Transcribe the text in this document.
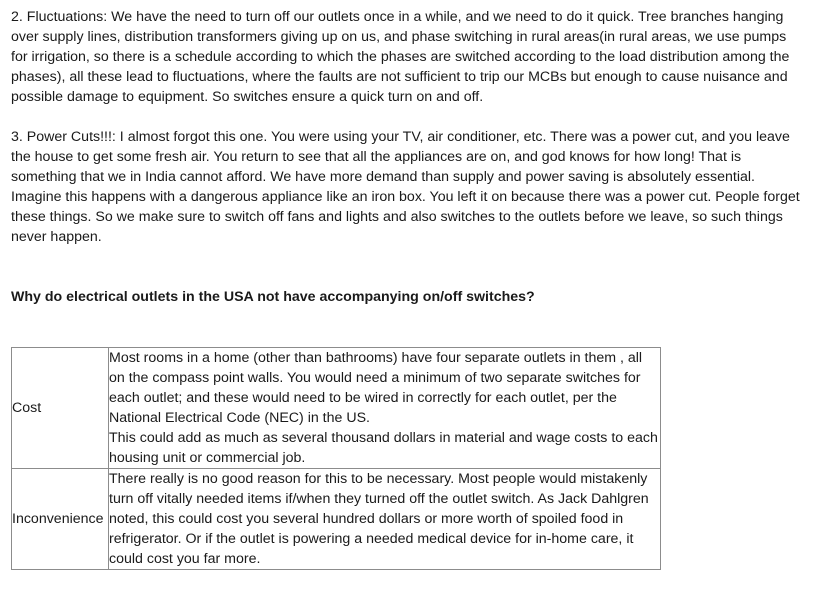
2. Fluctuations: We have the need to turn off our outlets once in a while, and we need to do it quick. Tree branches hanging over supply lines, distribution transformers giving up on us, and phase switching in rural areas(in rural areas, we use pumps for irrigation, so there is a schedule according to which the phases are switched according to the load distribution among the phases), all these lead to fluctuations, where the faults are not sufficient to trip our MCBs but enough to cause nuisance and possible damage to equipment. So switches ensure a quick turn on and off.

3. Power Cuts!!!: I almost forgot this one. You were using your TV, air conditioner, etc. There was a power cut, and you leave the house to get some fresh air. You return to see that all the appliances are on, and god knows for how long! That is something that we in India cannot afford. We have more demand than supply and power saving is absolutely essential. Imagine this happens with a dangerous appliance like an iron box. You left it on because there was a power cut. People forget these things. So we make sure to switch off fans and lights and also switches to the outlets before we leave, so such things never happen.

Why do electrical outlets in the USA not have accompanying on/off switches?

Cost	Most rooms in a home (other than bathrooms) have four separate outlets in them , all on the compass point walls. You would need a minimum of two separate switches for each outlet; and these would need to be wired in correctly for each outlet, per the National Electrical Code (NEC) in the US.

This could add as much as several thousand dollars in material and wage costs to each housing unit or commercial job.

Inconvenience	There really is no good reason for this to be necessary. Most people would mistakenly turn off vitally needed items if/when they turned off the outlet switch. As Jack Dahlgren noted, this could cost you several hundred dollars or more worth of spoiled food in refrigerator. Or if the outlet is powering a needed medical device for in-home care, it could cost you far more.
